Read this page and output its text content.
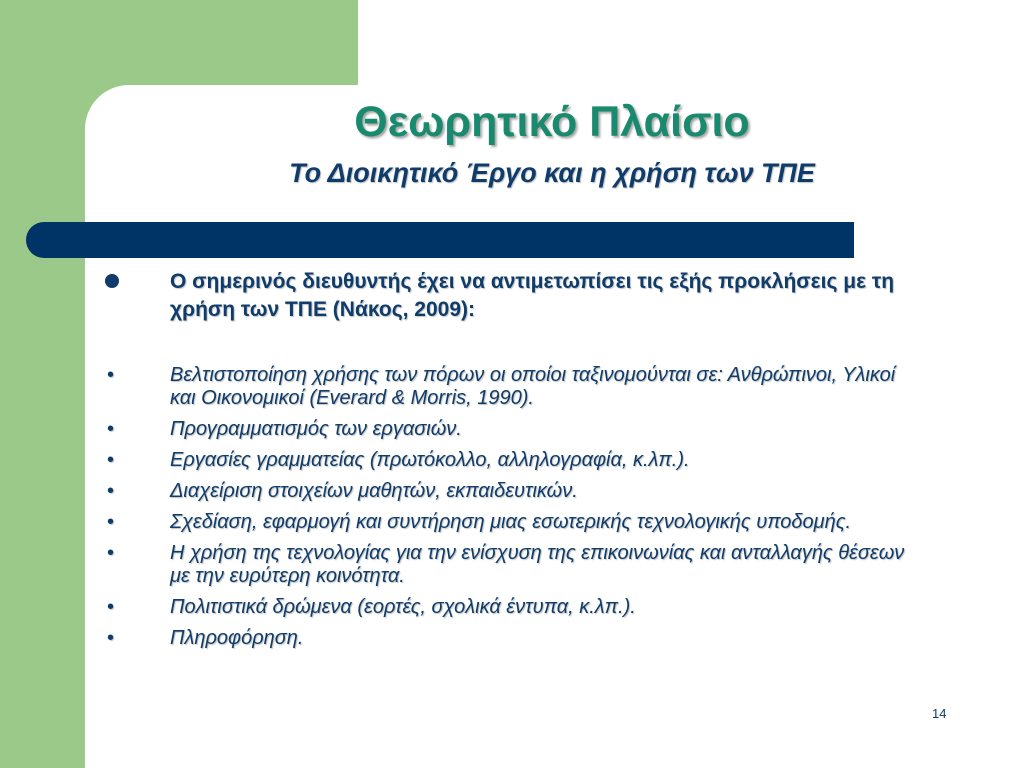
Θεωρητικό Πλαίσιο
Το Διοικητικό Έργο και η χρήση των ΤΠΕ
Ο σημερινός διευθυντής έχει να αντιμετωπίσει τις εξής προκλήσεις με τη χρήση των ΤΠΕ (Νάκος, 2009):
•	Βελτιστοποίηση χρήσης των πόρων οι οποίοι ταξινομούνται σε: Ανθρώπινοι, Υλικοί και Οικονομικοί (Everard & Morris, 1990).
•	Προγραμματισμός των εργασιών.
•	Εργασίες γραμματείας (πρωτόκολλο, αλληλογραφία, κ.λπ.).
•	Διαχείριση στοιχείων μαθητών, εκπαιδευτικών.
•	Σχεδίαση, εφαρμογή και συντήρηση μιας εσωτερικής τεχνολογικής υποδομής.
•	Η χρήση της τεχνολογίας για την ενίσχυση της επικοινωνίας και ανταλλαγής θέσεων με την ευρύτερη κοινότητα.
•	Πολιτιστικά δρώμενα (εορτές, σχολικά έντυπα, κ.λπ.).
•	Πληροφόρηση.
14
